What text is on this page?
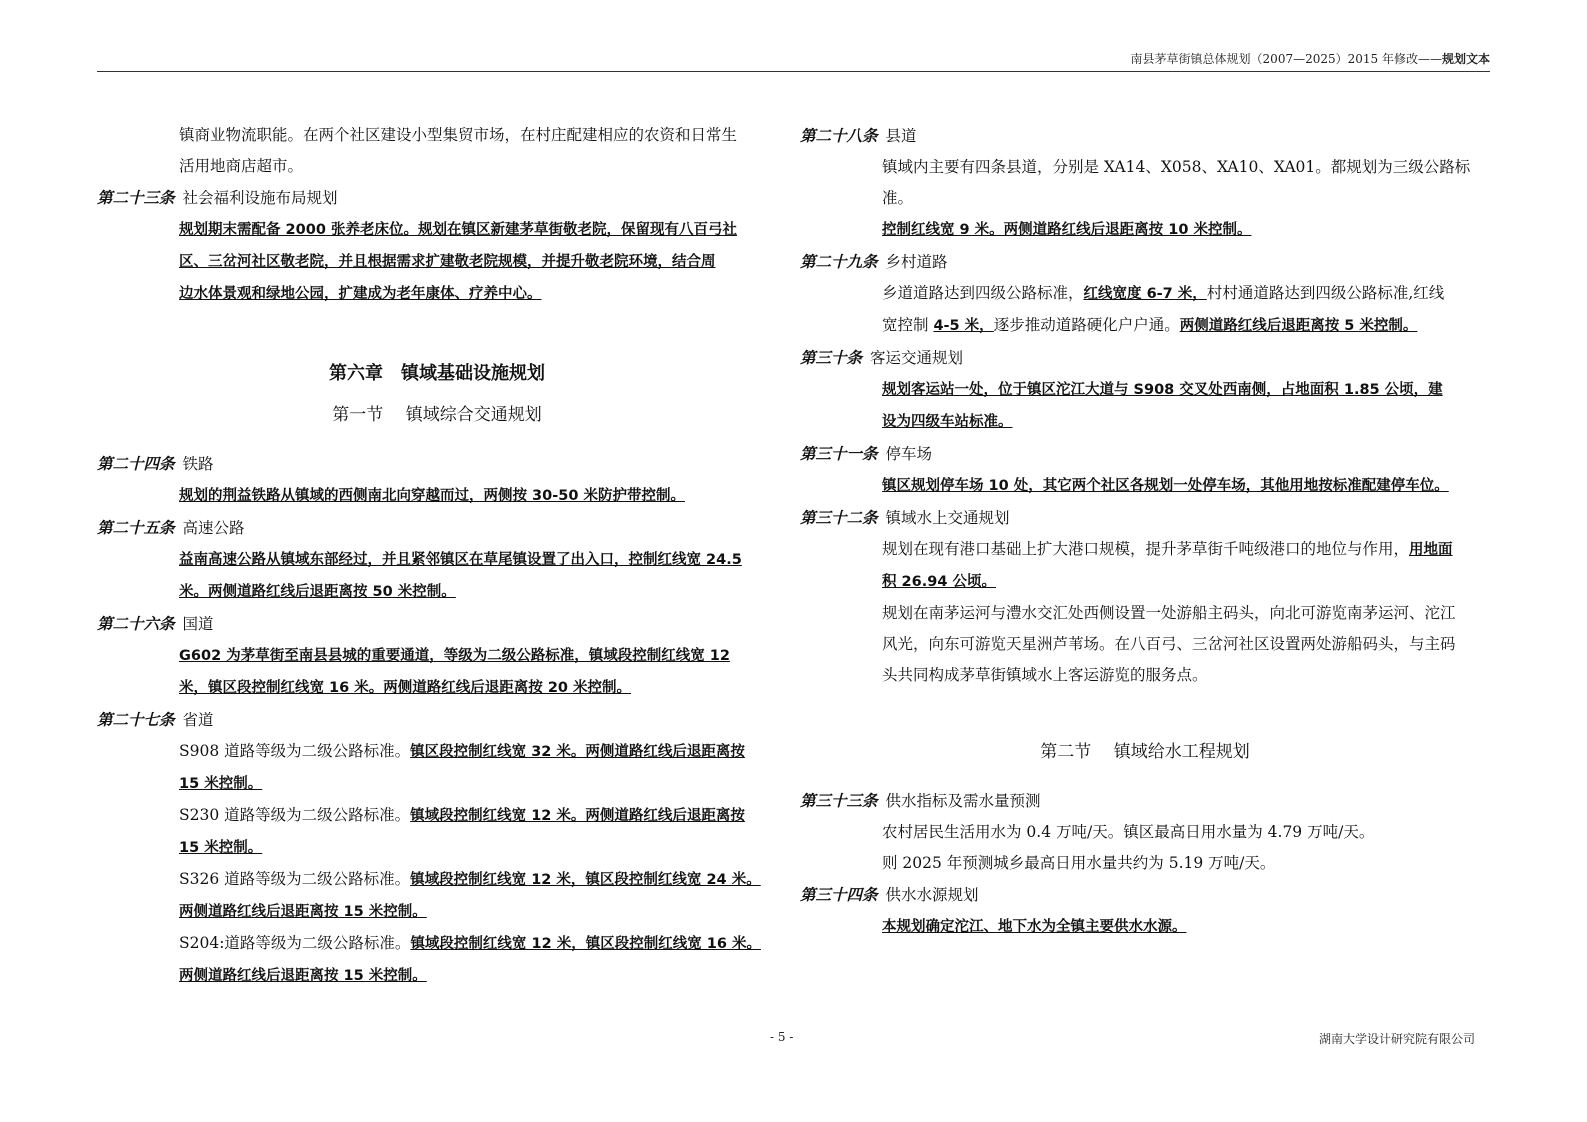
南县茅草街镇总体规划（2007—2025）2015 年修改——规划文本

镇商业物流职能。在两个社区建设小型集贸市场，在村庄配建相应的农资和日常生

活用地商店超市。

第二十三条 社会福利设施布局规划

规划期末需配备 2000 张养老床位。规划在镇区新建茅草街敬老院，保留现有八百弓社

区、三岔河社区敬老院，并且根据需求扩建敬老院规模，并提升敬老院环境，结合周

边水体景观和绿地公园，扩建成为老年康体、疗养中心。

第六章　镇域基础设施规划
第一节　 镇域综合交通规划

第二十四条 铁路

规划的荆益铁路从镇域的西侧南北向穿越而过，两侧按 30-50 米防护带控制。

第二十五条 高速公路

益南高速公路从镇域东部经过，并且紧邻镇区在草尾镇设置了出入口，控制红线宽 24.5

米。两侧道路红线后退距离按 50 米控制。

第二十六条 国道

G602 为茅草街至南县县城的重要通道，等级为二级公路标准，镇域段控制红线宽 12

米，镇区段控制红线宽 16 米。两侧道路红线后退距离按 20 米控制。

第二十七条 省道

S908 道路等级为二级公路标准。镇区段控制红线宽 32 米。两侧道路红线后退距离按

15 米控制。

S230 道路等级为二级公路标准。镇域段控制红线宽 12 米。两侧道路红线后退距离按

15 米控制。

S326 道路等级为二级公路标准。镇域段控制红线宽 12 米，镇区段控制红线宽 24 米。

两侧道路红线后退距离按 15 米控制。

S204:道路等级为二级公路标准。镇域段控制红线宽 12 米，镇区段控制红线宽 16 米。

两侧道路红线后退距离按 15 米控制。

第二十八条 县道

镇域内主要有四条县道，分别是 XA14、X058、XA10、XA01。都规划为三级公路标准。

控制红线宽 9 米。两侧道路红线后退距离按 10 米控制。

第二十九条 乡村道路

乡道道路达到四级公路标准，红线宽度 6-7 米，村村通道路达到四级公路标准,红线

宽控制 4-5 米，逐步推动道路硬化户户通。两侧道路红线后退距离按 5 米控制。

第三十条 客运交通规划

规划客运站一处，位于镇区沱江大道与 S908 交叉处西南侧，占地面积 1.85 公顷，建

设为四级车站标准。

第三十一条 停车场

镇区规划停车场 10 处，其它两个社区各规划一处停车场，其他用地按标准配建停车位。

第三十二条 镇域水上交通规划

规划在现有港口基础上扩大港口规模，提升茅草街千吨级港口的地位与作用，用地面

积 26.94 公顷。

规划在南茅运河与澧水交汇处西侧设置一处游船主码头，向北可游览南茅运河、沱江

风光，向东可游览天星洲芦苇场。在八百弓、三岔河社区设置两处游船码头，与主码

头共同构成茅草街镇域水上客运游览的服务点。

第二节　 镇域给水工程规划

第三十三条 供水指标及需水量预测

农村居民生活用水为 0.4 万吨/天。镇区最高日用水量为 4.79 万吨/天。

则 2025 年预测城乡最高日用水量共约为 5.19 万吨/天。

第三十四条 供水水源规划

本规划确定沱江、地下水为全镇主要供水水源。

- 5 -	湖南大学设计研究院有限公司
